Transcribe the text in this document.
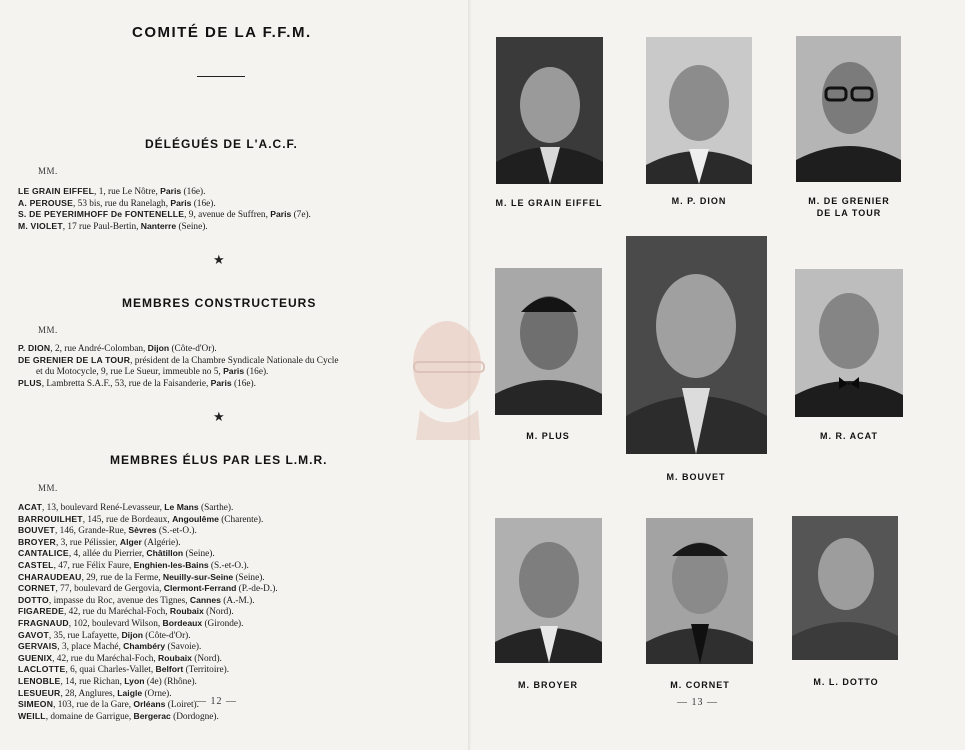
COMITÉ DE LA F.F.M.
DÉLÉGUÉS DE L'A.C.F.
MM.
LE GRAIN EIFFEL, 1, rue Le Nôtre, Paris (16e).
A. PEROUSE, 53 bis, rue du Ranelagh, Paris (16e).
S. DE PEYERIMHOFF De FONTENELLE, 9, avenue de Suffren, Paris (7e).
M. VIOLET, 17 rue Paul-Bertin, Nanterre (Seine).
★
MEMBRES CONSTRUCTEURS
MM.
P. DION, 2, rue André-Colomban, Dijon (Côte-d'Or).
DE GRENIER DE LA TOUR, président de la Chambre Syndicale Nationale du Cycle
et du Motocycle, 9, rue Le Sueur, immeuble no 5, Paris (16e).
PLUS, Lambretta S.A.F., 53, rue de la Faisanderie, Paris (16e).
★
MEMBRES ÉLUS PAR LES L.M.R.
MM.
ACAT, 13, boulevard René-Levasseur, Le Mans (Sarthe).
BARROUILHET, 145, rue de Bordeaux, Angoulême (Charente).
BOUVET, 146, Grande-Rue, Sèvres (S.-et-O.).
BROYER, 3, rue Pélissier, Alger (Algérie).
CANTALICE, 4, allée du Pierrier, Châtillon (Seine).
CASTEL, 47, rue Félix Faure, Enghien-les-Bains (S.-et-O.).
CHARAUDEAU, 29, rue de la Ferme, Neuilly-sur-Seine (Seine).
CORNET, 77, boulevard de Gergovia, Clermont-Ferrand (P.-de-D.).
DOTTO, impasse du Roc, avenue des Tignes, Cannes (A.-M.).
FIGAREDE, 42, rue du Maréchal-Foch, Roubaix (Nord).
FRAGNAUD, 102, boulevard Wilson, Bordeaux (Gironde).
GAVOT, 35, rue Lafayette, Dijon (Côte-d'Or).
GERVAIS, 3, place Maché, Chambéry (Savoie).
GUENIX, 42, rue du Maréchal-Foch, Roubaix (Nord).
LACLOTTE, 6, quai Charles-Vallet, Belfort (Territoire).
LENOBLE, 14, rue Richan, Lyon (4e) (Rhône).
LESUEUR, 28, Anglures, Laigle (Orne).
SIMEON, 103, rue de la Gare, Orléans (Loiret).
WEILL, domaine de Garrigue, Bergerac (Dordogne).
— 12 —
M. LE GRAIN EIFFEL	M. P. DION	M. DE GRENIER
DE LA TOUR
M. PLUS
M. BOUVET
M. R. ACAT
M. BROYER	M. CORNET	M. L. DOTTO
— 13 —
